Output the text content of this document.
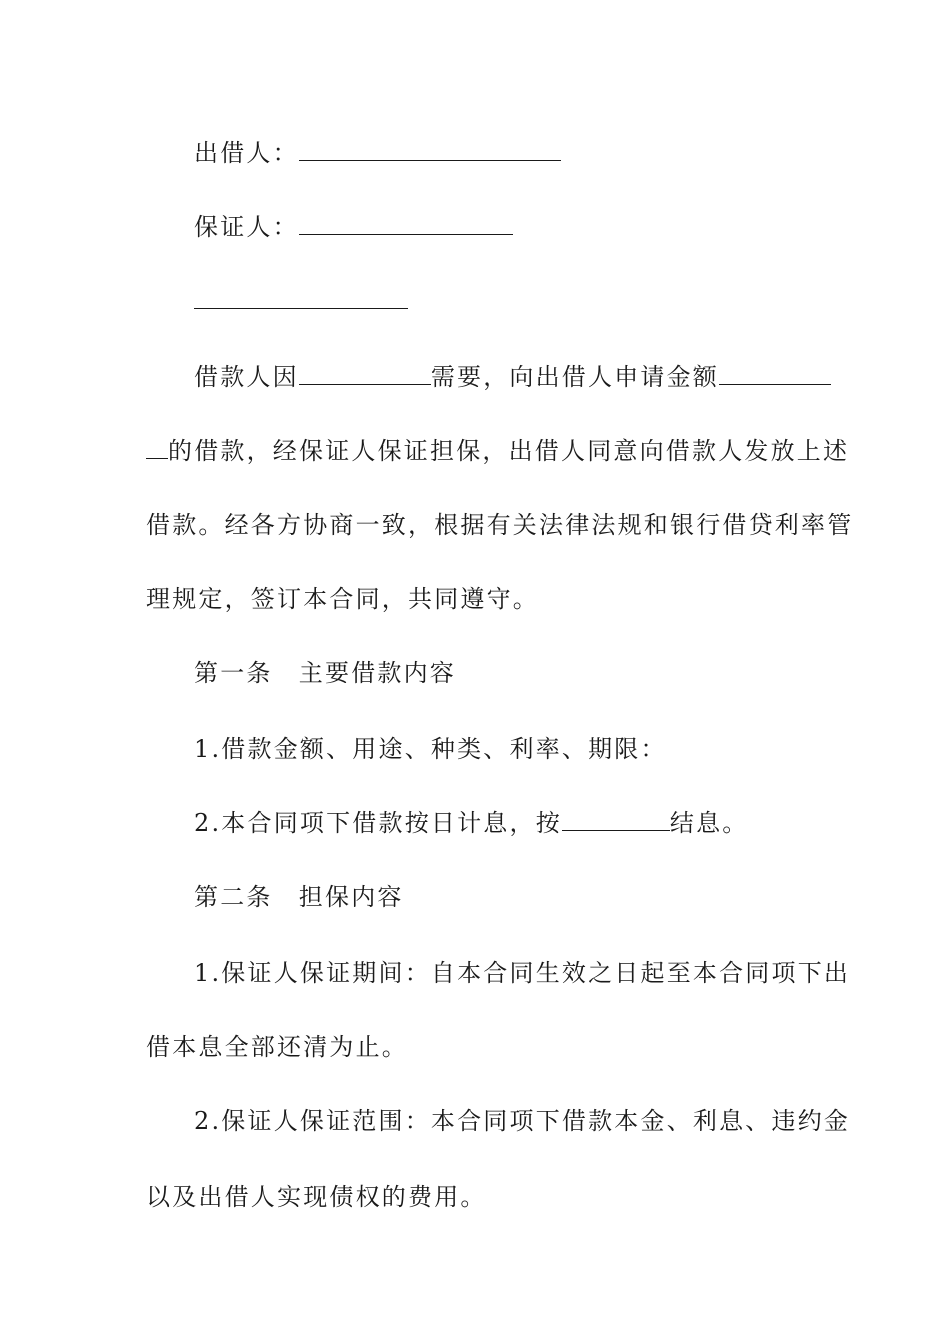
出借人：
保证人：
借款人因	需要，向出借人申请金额
的借款，经保证人保证担保，出借人同意向借款人发放上述
借款。经各方协商一致，根据有关法律法规和银行借贷利率管
理规定，签订本合同，共同遵守。
第一条　主要借款内容
1.借款金额、用途、种类、利率、期限：
2.本合同项下借款按日计息，按	结息。
第二条　担保内容
1.保证人保证期间：自本合同生效之日起至本合同项下出
借本息全部还清为止。
2.保证人保证范围：本合同项下借款本金、利息、违约金
以及出借人实现债权的费用。
